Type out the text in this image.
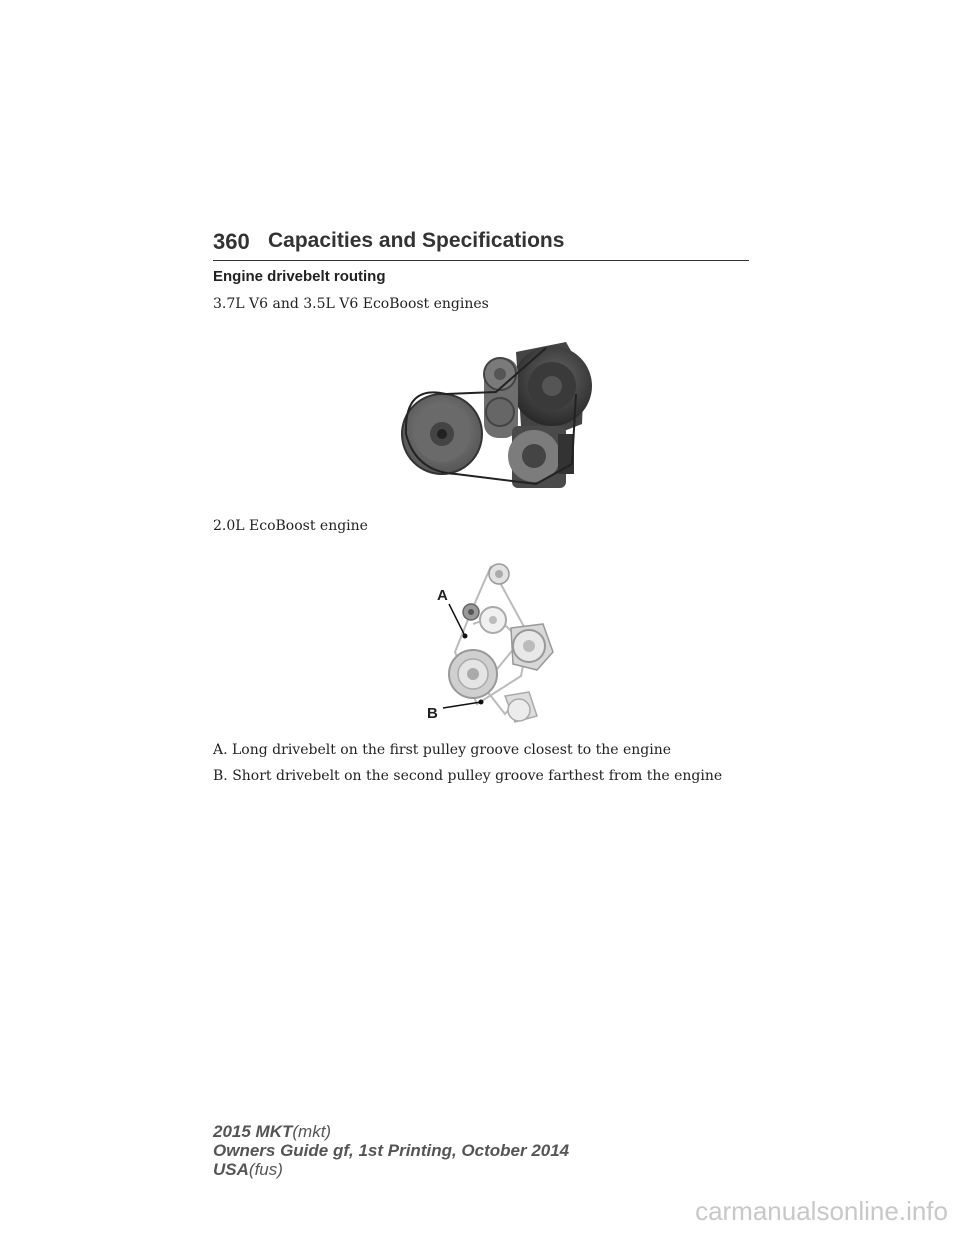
360 Capacities and Specifications
Engine drivebelt routing
3.7L V6 and 3.5L V6 EcoBoost engines
2.0L EcoBoost engine
A
B
A. Long drivebelt on the first pulley groove closest to the engine
B. Short drivebelt on the second pulley groove farthest from the engine
2015 MKT(mkt)
Owners Guide gf, 1st Printing, October 2014
USA(fus)
carmanualsonline.info
